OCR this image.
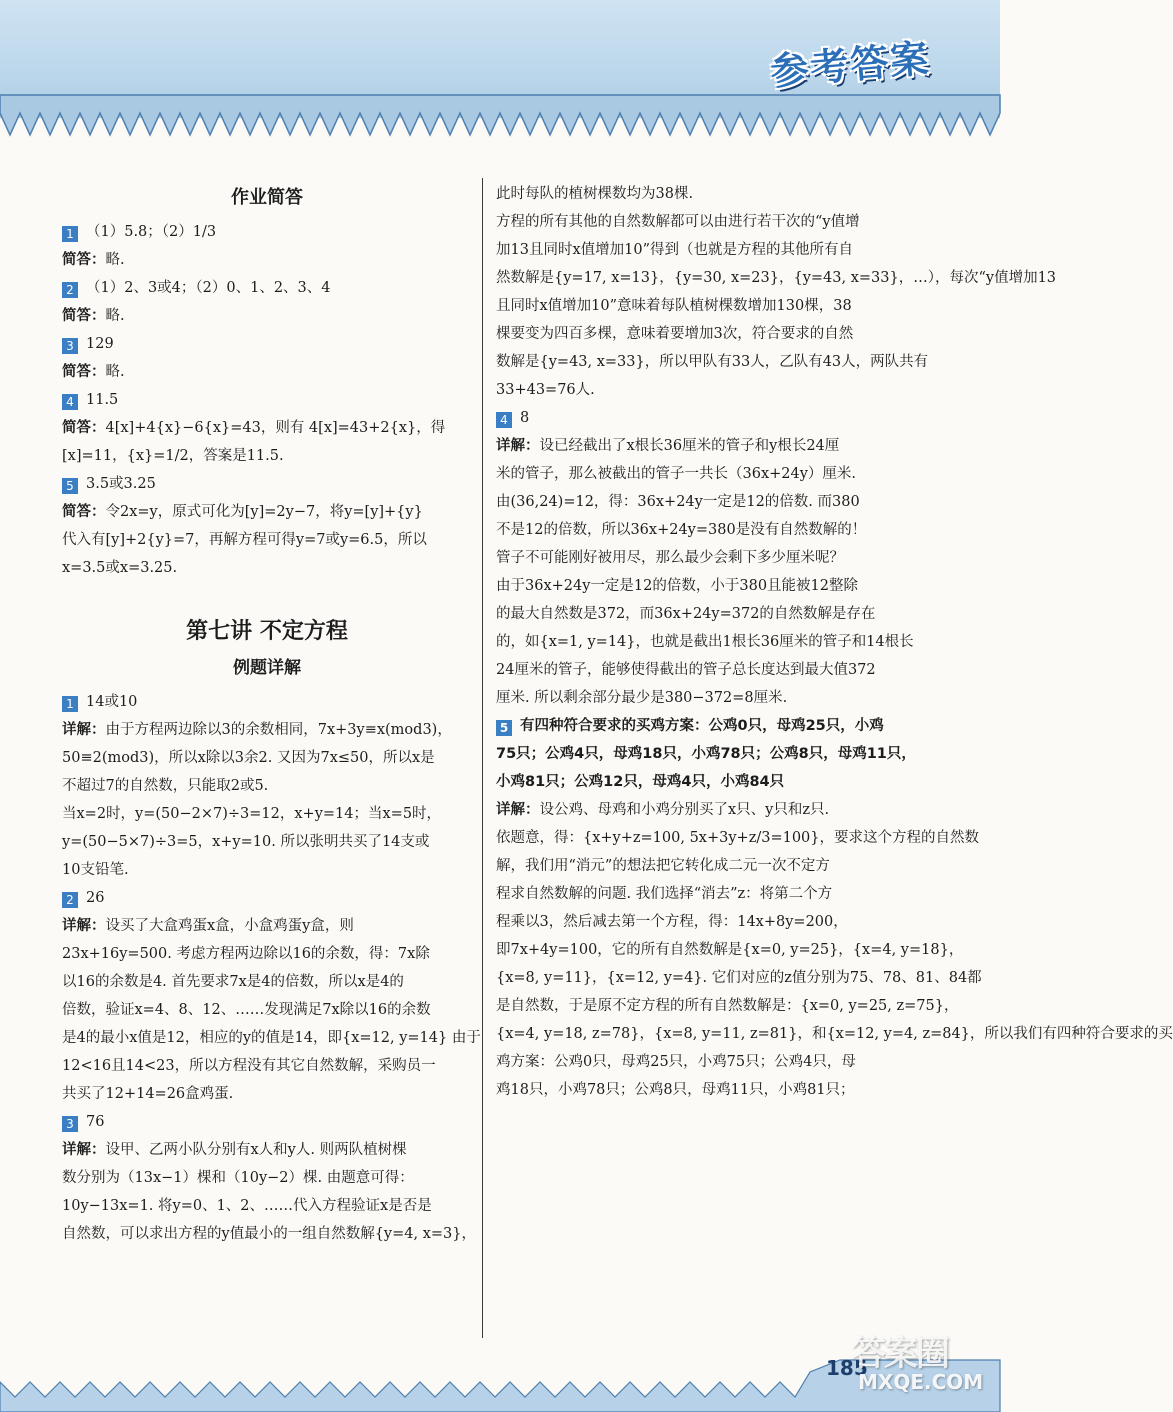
参考答案
作业简答

1 （1）5.8；（2）1/3

简答：略.

2 （1）2、3或4；（2）0、1、2、3、4

简答：略.

3 129

简答：略.

4 11.5

简答：4[x]+4{x}−6{x}=43，则有 4[x]=43+2{x}，得

[x]=11，{x}=1/2，答案是11.5.

5 3.5或3.25

简答：令2x=y，原式可化为[y]=2y−7，将y=[y]+{y}

代入有[y]+2{y}=7，再解方程可得y=7或y=6.5，所以

x=3.5或x=3.25.

第七讲 不定方程
例题详解

1 14或10

详解：由于方程两边除以3的余数相同，7x+3y≡x(mod3)，

50≡2(mod3)，所以x除以3余2. 又因为7x≤50，所以x是

不超过7的自然数，只能取2或5.

当x=2时，y=(50−2×7)÷3=12，x+y=14；当x=5时，

y=(50−5×7)÷3=5，x+y=10. 所以张明共买了14支或

10支铅笔.

2 26

详解：设买了大盒鸡蛋x盒，小盒鸡蛋y盒，则

23x+16y=500. 考虑方程两边除以16的余数，得：7x除

以16的余数是4. 首先要求7x是4的倍数，所以x是4的

倍数，验证x=4、8、12、……发现满足7x除以16的余数

是4的最小x值是12，相应的y的值是14，即{x=12, y=14} 由于

12<16且14<23，所以方程没有其它自然数解，采购员一

共买了12+14=26盒鸡蛋.

3 76

详解：设甲、乙两小队分别有x人和y人. 则两队植树棵

数分别为（13x−1）棵和（10y−2）棵. 由题意可得：

10y−13x=1. 将y=0、1、2、……代入方程验证x是否是

自然数，可以求出方程的y值最小的一组自然数解{y=4, x=3}，

此时每队的植树棵数均为38棵.

方程的所有其他的自然数解都可以由进行若干次的“y值增

加13且同时x值增加10”得到（也就是方程的其他所有自

然数解是{y=17, x=13}，{y=30, x=23}，{y=43, x=33}，…），每次“y值增加13

且同时x值增加10”意味着每队植树棵数增加130棵，38

棵要变为四百多棵，意味着要增加3次，符合要求的自然

数解是{y=43, x=33}，所以甲队有33人，乙队有43人，两队共有

33+43=76人.

4 8

详解：设已经截出了x根长36厘米的管子和y根长24厘

米的管子，那么被截出的管子一共长（36x+24y）厘米.

由(36,24)=12，得：36x+24y一定是12的倍数. 而380

不是12的倍数，所以36x+24y=380是没有自然数解的！

管子不可能刚好被用尽，那么最少会剩下多少厘米呢？

由于36x+24y一定是12的倍数，小于380且能被12整除

的最大自然数是372，而36x+24y=372的自然数解是存在

的，如{x=1, y=14}，也就是截出1根长36厘米的管子和14根长

24厘米的管子，能够使得截出的管子总长度达到最大值372

厘米. 所以剩余部分最少是380−372=8厘米.

5 有四种符合要求的买鸡方案：公鸡0只，母鸡25只，小鸡

75只；公鸡4只，母鸡18只，小鸡78只；公鸡8只，母鸡11只，

小鸡81只；公鸡12只，母鸡4只，小鸡84只

详解：设公鸡、母鸡和小鸡分别买了x只、y只和z只.

依题意，得：{x+y+z=100, 5x+3y+z/3=100}，要求这个方程的自然数

解，我们用“消元”的想法把它转化成二元一次不定方

程求自然数解的问题. 我们选择“消去”z：将第二个方

程乘以3，然后减去第一个方程，得：14x+8y=200，

即7x+4y=100，它的所有自然数解是{x=0, y=25}，{x=4, y=18}，

{x=8, y=11}，{x=12, y=4}. 它们对应的z值分别为75、78、81、84都

是自然数，于是原不定方程的所有自然数解是：{x=0, y=25, z=75}，

{x=4, y=18, z=78}，{x=8, y=11, z=81}，和{x=12, y=4, z=84}，所以我们有四种符合要求的买

鸡方案：公鸡0只，母鸡25只，小鸡75只；公鸡4只，母

鸡18只，小鸡78只；公鸡8只，母鸡11只，小鸡81只；

185
答案圈
MXQE.COM
